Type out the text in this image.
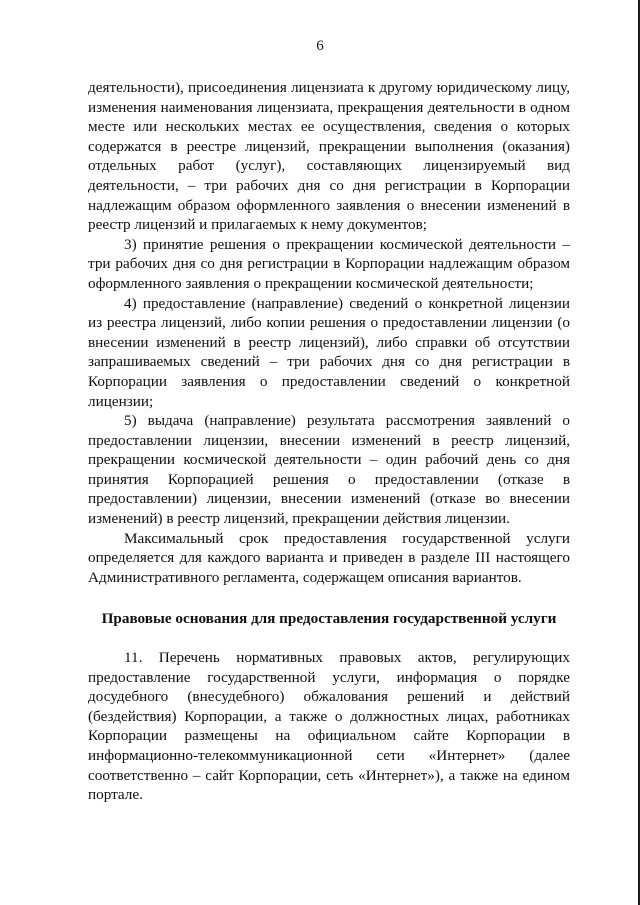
6

деятельности), присоединения лицензиата к другому юридическому лицу, изменения наименования лицензиата, прекращения деятельности в одном месте или нескольких местах ее осуществления, сведения о которых содержатся в реестре лицензий, прекращении выполнения (оказания) отдельных работ (услуг), составляющих лицензируемый вид деятельности, – три рабочих дня со дня регистрации в Корпорации надлежащим образом оформленного заявления о внесении изменений в реестр лицензий и прилагаемых к нему документов;

3) принятие решения о прекращении космической деятельности – три рабочих дня со дня регистрации в Корпорации надлежащим образом оформленного заявления о прекращении космической деятельности;

4) предоставление (направление) сведений о конкретной лицензии из реестра лицензий, либо копии решения о предоставлении лицензии (о внесении изменений в реестр лицензий), либо справки об отсутствии запрашиваемых сведений – три рабочих дня со дня регистрации в Корпорации заявления о предоставлении сведений о конкретной лицензии;

5) выдача (направление) результата рассмотрения заявлений о предоставлении лицензии, внесении изменений в реестр лицензий, прекращении космической деятельности – один рабочий день со дня принятия Корпорацией решения о предоставлении (отказе в предоставлении) лицензии, внесении изменений (отказе во внесении изменений) в реестр лицензий, прекращении действия лицензии.

Максимальный срок предоставления государственной услуги определяется для каждого варианта и приведен в разделе III настоящего Административного регламента, содержащем описания вариантов.

Правовые основания для предоставления государственной услуги

11. Перечень нормативных правовых актов, регулирующих предоставление государственной услуги, информация о порядке досудебного (внесудебного) обжалования решений и действий (бездействия) Корпорации, а также о должностных лицах, работниках Корпорации размещены на официальном сайте Корпорации в информационно-телекоммуникационной сети «Интернет» (далее соответственно – сайт Корпорации, сеть «Интернет»), а также на едином портале.
